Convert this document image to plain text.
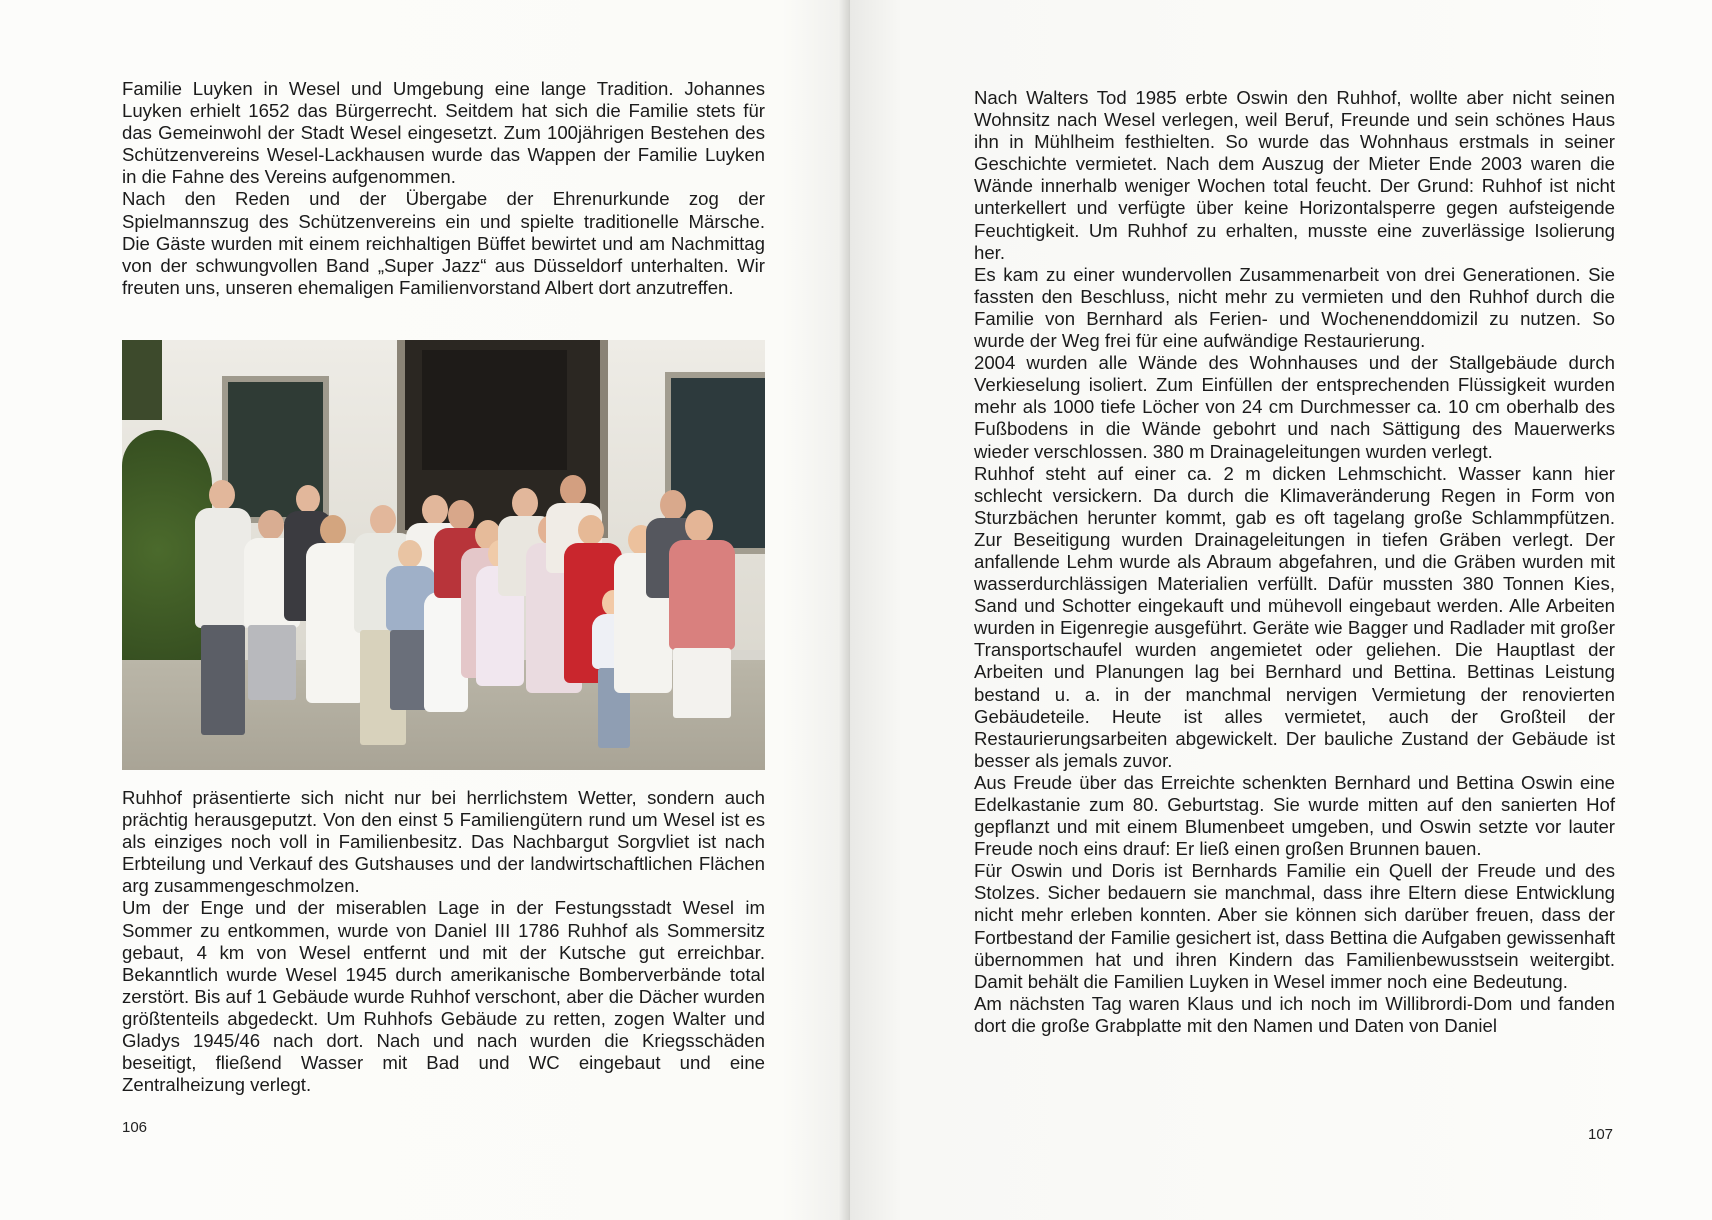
Familie Luyken in Wesel und Umgebung eine lange Tradition. Johannes Luyken erhielt 1652 das Bürgerrecht. Seitdem hat sich die Familie stets für das Gemeinwohl der Stadt Wesel eingesetzt. Zum 100jährigen Bestehen des Schützenvereins Wesel-Lackhausen wurde das Wappen der Familie Luyken in die Fahne des Vereins aufgenommen.

Nach den Reden und der Übergabe der Ehrenurkunde zog der Spielmannszug des Schützenvereins ein und spielte traditionelle Märsche. Die Gäste wurden mit einem reichhaltigen Büffet bewirtet und am Nachmittag von der schwungvollen Band „Super Jazz“ aus Düsseldorf unterhalten. Wir freuten uns, unseren ehemaligen Familienvorstand Albert dort anzutreffen.

Ruhhof präsentierte sich nicht nur bei herrlichstem Wetter, sondern auch prächtig herausgeputzt. Von den einst 5 Familiengütern rund um Wesel ist es als einziges noch voll in Familienbesitz. Das Nachbargut Sorgvliet ist nach Erbteilung und Verkauf des Gutshauses und der landwirtschaftlichen Flächen arg zusammengeschmolzen.

Um der Enge und der miserablen Lage in der Festungsstadt Wesel im Sommer zu entkommen, wurde von Daniel III 1786 Ruhhof als Sommersitz gebaut, 4 km von Wesel entfernt und mit der Kutsche gut erreichbar. Bekanntlich wurde Wesel 1945 durch amerikanische Bomberverbände total zerstört. Bis auf 1 Gebäude wurde Ruhhof verschont, aber die Dächer wurden größtenteils abgedeckt. Um Ruhhofs Gebäude zu retten, zogen Walter und Gladys 1945/46 nach dort. Nach und nach wurden die Kriegsschäden beseitigt, fließend Wasser mit Bad und WC eingebaut und eine Zentralheizung verlegt.

106

Nach Walters Tod 1985 erbte Oswin den Ruhhof, wollte aber nicht seinen Wohnsitz nach Wesel verlegen, weil Beruf, Freunde und sein schönes Haus ihn in Mühlheim festhielten. So wurde das Wohnhaus erstmals in seiner Geschichte vermietet. Nach dem Auszug der Mieter Ende 2003 waren die Wände innerhalb weniger Wochen total feucht. Der Grund: Ruhhof ist nicht unterkellert und verfügte über keine Horizontalsperre gegen aufsteigende Feuchtigkeit. Um Ruhhof zu erhalten, musste eine zuverlässige Isolierung her.

Es kam zu einer wundervollen Zusammenarbeit von drei Generationen. Sie fassten den Beschluss, nicht mehr zu vermieten und den Ruhhof durch die Familie von Bernhard als Ferien- und Wochenenddomizil zu nutzen. So wurde der Weg frei für eine aufwändige Restaurierung.

2004 wurden alle Wände des Wohnhauses und der Stallgebäude durch Verkieselung isoliert. Zum Einfüllen der entsprechenden Flüssigkeit wurden mehr als 1000 tiefe Löcher von 24 cm Durchmesser ca. 10 cm oberhalb des Fußbodens in die Wände gebohrt und nach Sättigung des Mauerwerks wieder verschlossen. 380 m Drainageleitungen wurden verlegt.

Ruhhof steht auf einer ca. 2 m dicken Lehmschicht. Wasser kann hier schlecht versickern. Da durch die Klimaveränderung Regen in Form von Sturzbächen herunter kommt, gab es oft tagelang große Schlammpfützen. Zur Beseitigung wurden Drainageleitungen in tiefen Gräben verlegt. Der anfallende Lehm wurde als Abraum abgefahren, und die Gräben wurden mit wasserdurchlässigen Materialien verfüllt. Dafür mussten 380 Tonnen Kies, Sand und Schotter eingekauft und mühevoll eingebaut werden. Alle Arbeiten wurden in Eigenregie ausgeführt. Geräte wie Bagger und Radlader mit großer Transportschaufel wurden angemietet oder geliehen. Die Hauptlast der Arbeiten und Planungen lag bei Bernhard und Bettina. Bettinas Leistung bestand u. a. in der manchmal nervigen Vermietung der renovierten Gebäudeteile. Heute ist alles vermietet, auch der Großteil der Restaurierungsarbeiten abgewickelt. Der bauliche Zustand der Gebäude ist besser als jemals zuvor.

Aus Freude über das Erreichte schenkten Bernhard und Bettina Oswin eine Edelkastanie zum 80. Geburtstag. Sie wurde mitten auf den sanierten Hof gepflanzt und mit einem Blumenbeet umgeben, und Oswin setzte vor lauter Freude noch eins drauf: Er ließ einen großen Brunnen bauen.

Für Oswin und Doris ist Bernhards Familie ein Quell der Freude und des Stolzes. Sicher bedauern sie manchmal, dass ihre Eltern diese Entwicklung nicht mehr erleben konnten. Aber sie können sich darüber freuen, dass der Fortbestand der Familie gesichert ist, dass Bettina die Aufgaben gewissenhaft übernommen hat und ihren Kindern das Familienbewusstsein weitergibt. Damit behält die Familien Luyken in Wesel immer noch eine Bedeutung.

Am nächsten Tag waren Klaus und ich noch im Willibrordi-Dom und fanden dort die große Grabplatte mit den Namen und Daten von Daniel

107
